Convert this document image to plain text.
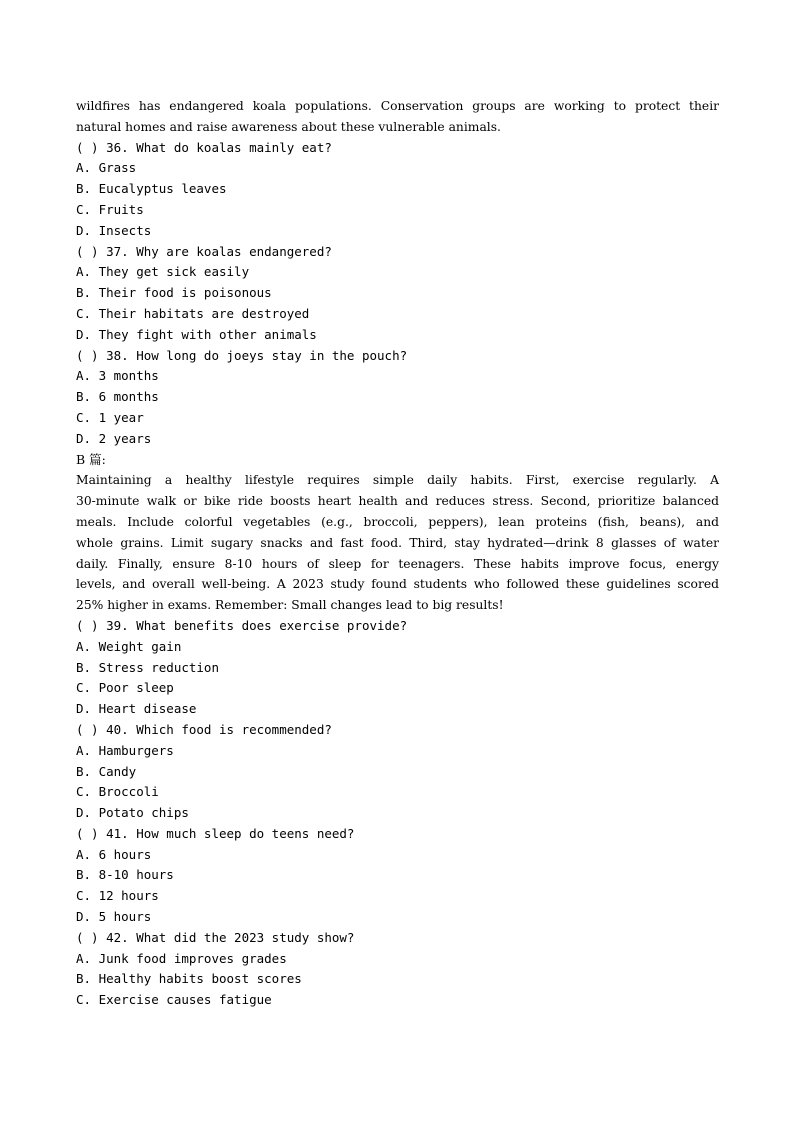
wildfires has endangered koala populations. Conservation groups are working to protect their
natural homes and raise awareness about these vulnerable animals.
( ) 36. What do koalas mainly eat?
A. Grass
B. Eucalyptus leaves
C. Fruits
D. Insects
( ) 37. Why are koalas endangered?
A. They get sick easily
B. Their food is poisonous
C. Their habitats are destroyed
D. They fight with other animals
( ) 38. How long do joeys stay in the pouch?
A. 3 months
B. 6 months
C. 1 year
D. 2 years
B 篇:
Maintaining a healthy lifestyle requires simple daily habits. First, exercise regularly. A
30-minute walk or bike ride boosts heart health and reduces stress. Second, prioritize balanced
meals. Include colorful vegetables (e.g., broccoli, peppers), lean proteins (fish, beans), and
whole grains. Limit sugary snacks and fast food. Third, stay hydrated—drink 8 glasses of water
daily. Finally, ensure 8-10 hours of sleep for teenagers. These habits improve focus, energy
levels, and overall well-being. A 2023 study found students who followed these guidelines scored
25% higher in exams. Remember: Small changes lead to big results!
( ) 39. What benefits does exercise provide?
A. Weight gain
B. Stress reduction
C. Poor sleep
D. Heart disease
( ) 40. Which food is recommended?
A. Hamburgers
B. Candy
C. Broccoli
D. Potato chips
( ) 41. How much sleep do teens need?
A. 6 hours
B. 8-10 hours
C. 12 hours
D. 5 hours
( ) 42. What did the 2023 study show?
A. Junk food improves grades
B. Healthy habits boost scores
C. Exercise causes fatigue
